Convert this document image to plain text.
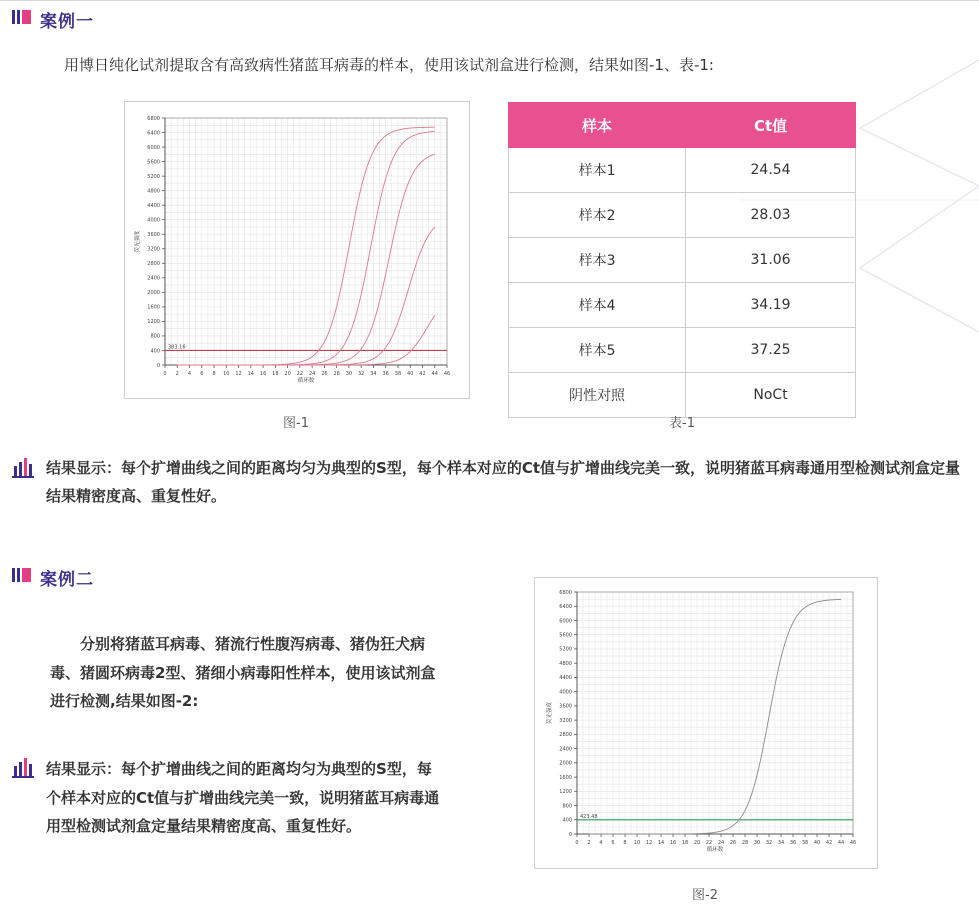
案例一
用博日纯化试剂提取含有高致病性猪蓝耳病毒的样本，使用该试剂盒进行检测，结果如图-1、表-1:
0 2 4 6 8 10 12 14 16 18 20 22 24 26 28 30 32 34 36 38 40 42 44 46
0
400
800
1200
1600
2000
2400
2800
3200
3600
4000
4400
4800
5200
5600
6000
6400
6800
循环数
荧光强度
383.16
图-1
样本	Ct值
样本1	24.54
样本2	28.03
样本3	31.06
样本4	34.19
样本5	37.25
阴性对照	NoCt
表-1
结果显示：每个扩增曲线之间的距离均匀为典型的S型，每个样本对应的Ct值与扩增曲线完美一致，说明猪蓝耳病毒通用型检测试剂盒定量结果精密度高、重复性好。
案例二
分别将猪蓝耳病毒、猪流行性腹泻病毒、猪伪狂犬病毒、猪圆环病毒2型、猪细小病毒阳性样本，使用该试剂盒进行检测,结果如图-2:
结果显示：每个扩增曲线之间的距离均匀为典型的S型，每个样本对应的Ct值与扩增曲线完美一致，说明猪蓝耳病毒通用型检测试剂盒定量结果精密度高、重复性好。
0 2 4 6 8 10 12 14 16 18 20 22 24 26 28 30 32 34 36 38 40 42 44 46
0
400
800
1200
1600
2000
2400
2800
3200
3600
4000
4400
4800
5200
5600
6000
6400
6800
循环数
荧光强度
423.48
图-2
